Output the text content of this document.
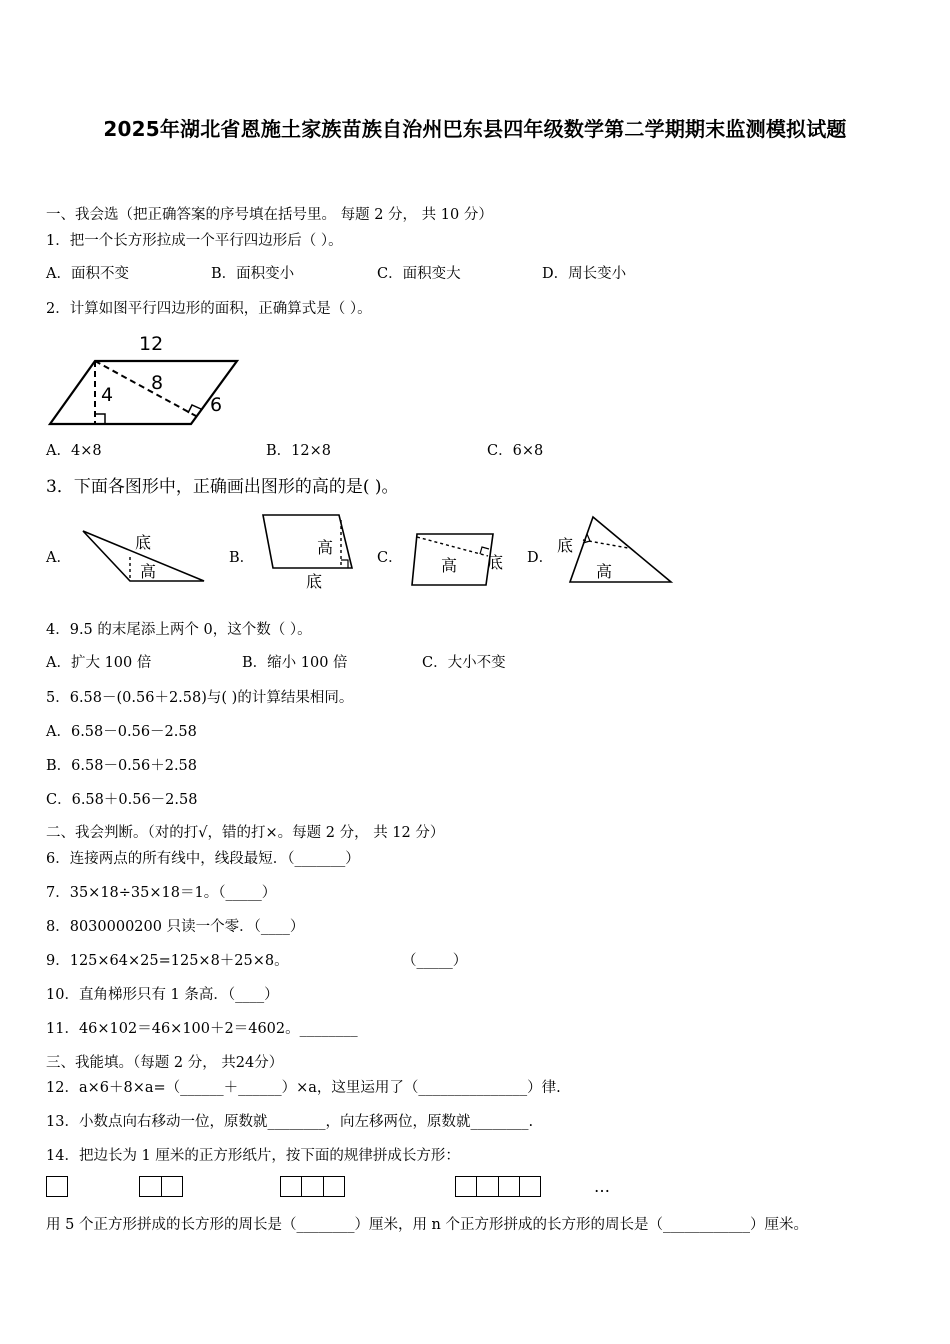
2025年湖北省恩施土家族苗族自治州巴东县四年级数学第二学期期末监测模拟试题
一、我会选（把正确答案的序号填在括号里。 每题 2 分， 共 10 分）
1．把一个长方形拉成一个平行四边形后（ ）。
A．面积不变	B．面积变小	C．面积变大	D．周长变小
2．计算如图平行四边形的面积，正确算式是（ ）。
12
8
4	6
底
高
高
底
高 底
底
高
A．4×8	B．12×8	C．6×8
3．下面各图形中，正确画出图形的高的是( )。
A．	B．	C．	D．
4．9.5 的末尾添上两个 0，这个数（ ）。
A．扩大 100 倍	B．缩小 100 倍	C．大小不变
5．6.58－(0.56＋2.58)与( )的计算结果相同。
A．6.58－0.56－2.58
B．6.58－0.56＋2.58
C．6.58＋0.56－2.58
二、我会判断。（对的打√，错的打×。每题 2 分， 共 12 分）
6．连接两点的所有线中，线段最短．（_______）
7．35×18÷35×18＝1。（_____）
8．8030000200 只读一个零．（____）
9．125×64×25=125×8＋25×8。	（_____）
10．直角梯形只有 1 条高．（____）
11．46×102＝46×100＋2＝4602。________
三、我能填。（每题 2 分， 共24分）
12．a×6＋8×a=（______＋______）×a，这里运用了（_______________）律.
13．小数点向右移动一位，原数就________，向左移两位，原数就________.
14．把边长为 1 厘米的正方形纸片，按下面的规律拼成长方形：
…
用 5 个正方形拼成的长方形的周长是（________）厘米，用 n 个正方形拼成的长方形的周长是（____________）厘米。
